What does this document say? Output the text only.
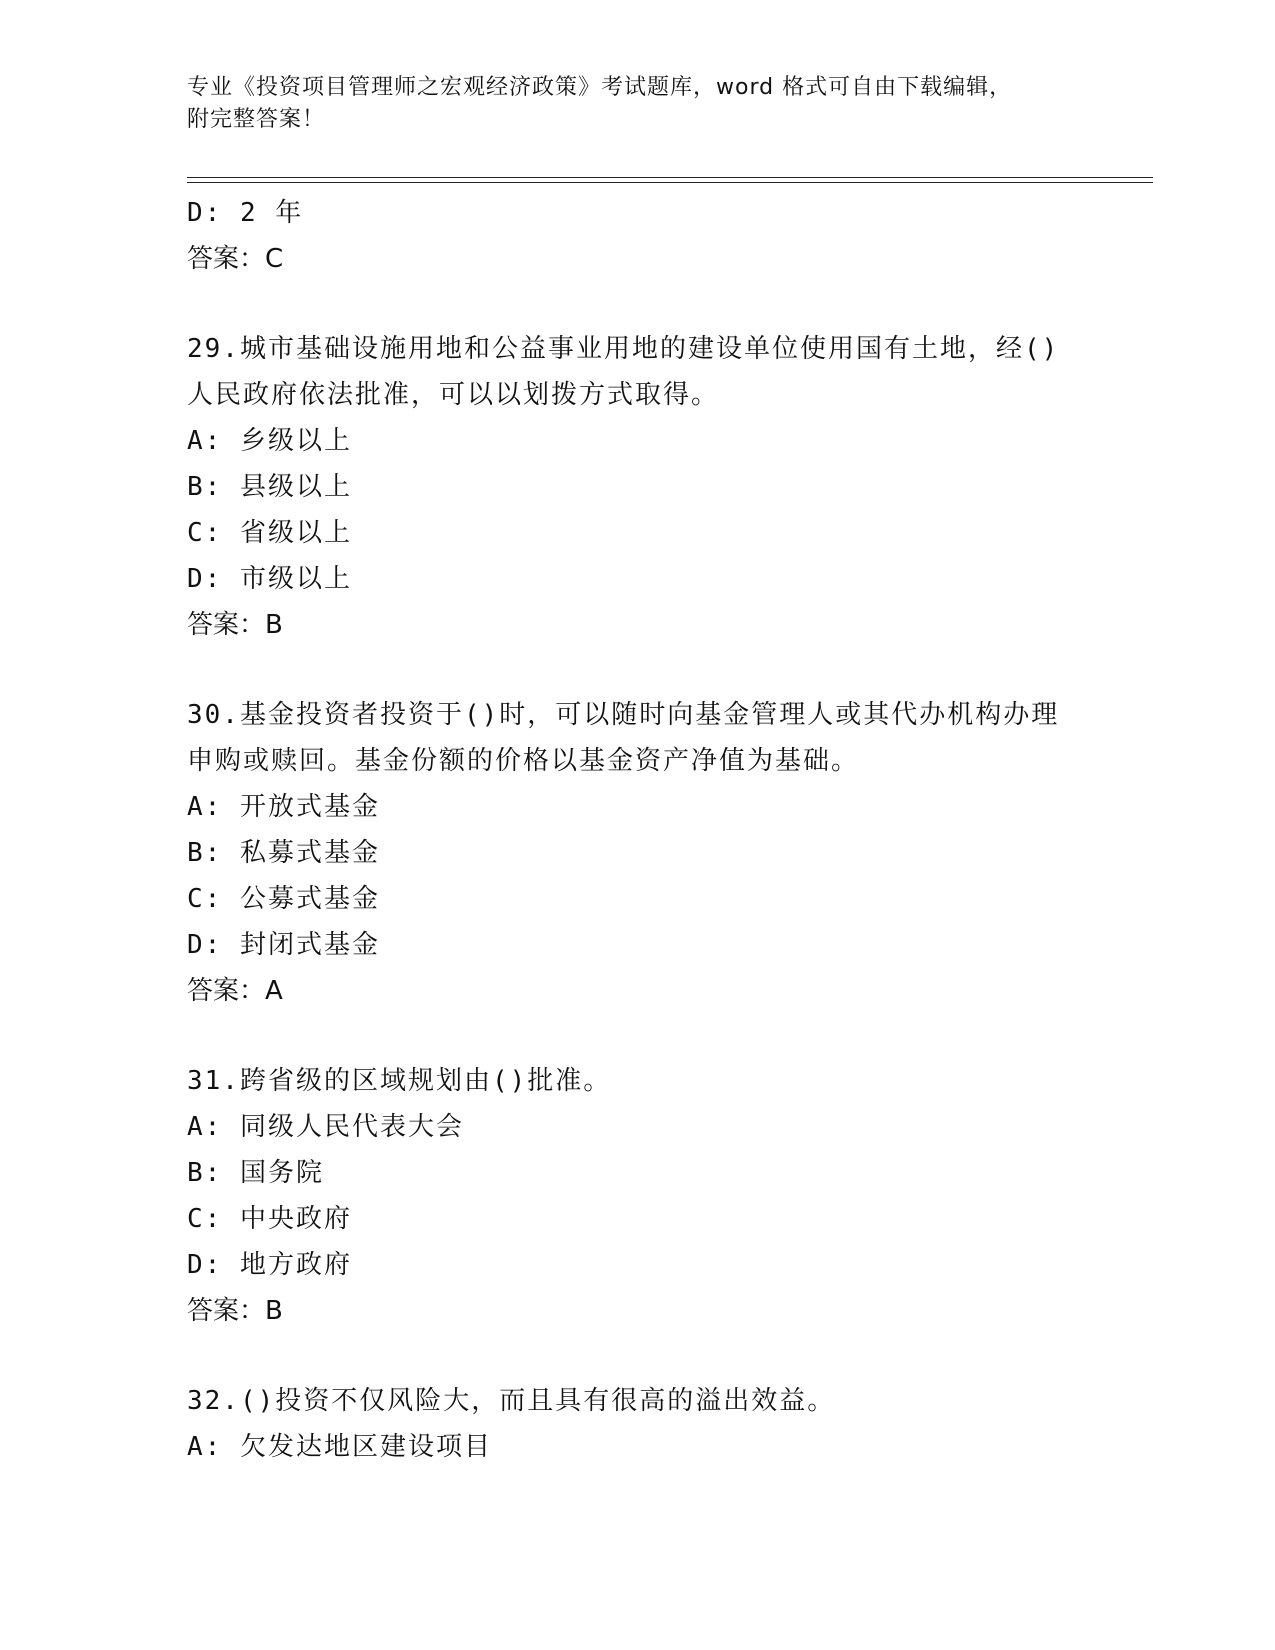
专业《投资项目管理师之宏观经济政策》考试题库，word 格式可自由下载编辑，
附完整答案！
D: 2 年
答案：C
29.城市基础设施用地和公益事业用地的建设单位使用国有土地，经()
人民政府依法批准，可以以划拨方式取得。
A: 乡级以上
B: 县级以上
C: 省级以上
D: 市级以上
答案：B
30.基金投资者投资于()时，可以随时向基金管理人或其代办机构办理
申购或赎回。基金份额的价格以基金资产净值为基础。
A: 开放式基金
B: 私募式基金
C: 公募式基金
D: 封闭式基金
答案：A
31.跨省级的区域规划由()批准。
A: 同级人民代表大会
B: 国务院
C: 中央政府
D: 地方政府
答案：B
32.()投资不仅风险大，而且具有很高的溢出效益。
A: 欠发达地区建设项目
